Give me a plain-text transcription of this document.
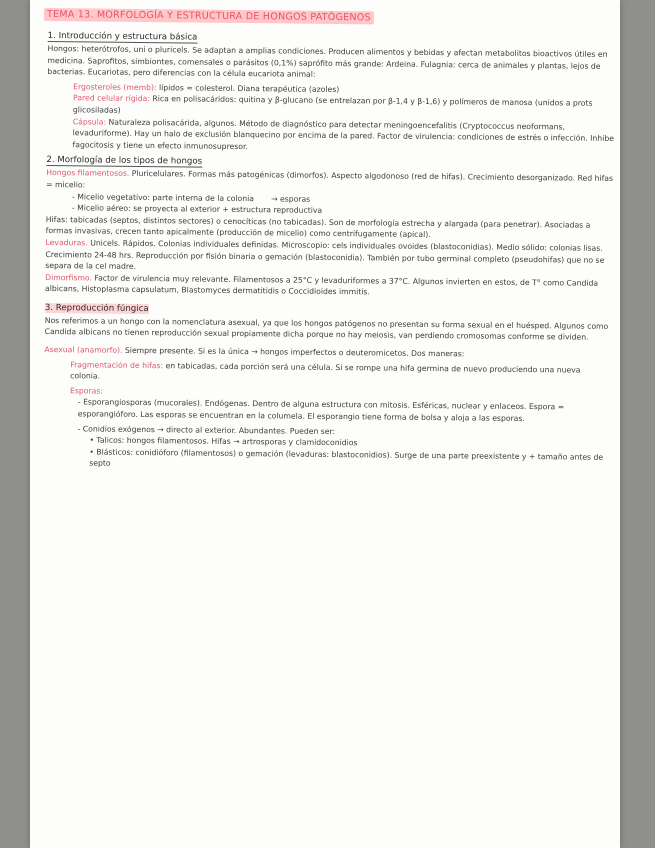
TEMA 13. MORFOLOGÍA Y ESTRUCTURA DE HONGOS PATÓGENOS
1. Introducción y estructura básica

Hongos: heterótrofos, uni o pluricels. Se adaptan a amplias condiciones. Producen alimentos y bebidas y afectan metabolitos bioactivos útiles en medicina. Saprofitos, simbiontes, comensales o parásitos (0,1%) saprófito más grande: Ardeina. Fulagnia: cerca de animales y plantas, lejos de bacterias. Eucariotas, pero diferencias con la célula eucariota animal:

Ergosteroles (memb): lípidos ≈ colesterol. Diana terapéutica (azoles)

Pared celular rígida: Rica en polisacáridos: quitina y β-glucano (se entrelazan por β-1,4 y β-1,6) y polímeros de manosa (unidos a prots glicosiladas)

Cápsula: Naturaleza polisacárida, algunos. Método de diagnóstico para detectar meningoencefalitis (Cryptococcus neoformans, levaduriforme). Hay un halo de exclusión blanquecino por encima de la pared. Factor de virulencia: condiciones de estrés o infección. Inhibe fagocitosis y tiene un efecto inmunosupresor.

2. Morfología de los tipos de hongos

Hongos filamentosos. Pluricelulares. Formas más patogénicas (dimorfos). Aspecto algodonoso (red de hifas). Crecimiento desorganizado. Red hifas = micelio:

- Micelio vegetativo: parte interna de la colonia → esporas

- Micelio aéreo: se proyecta al exterior + estructura reproductiva

Hifas: tabicadas (septos, distintos sectores) o cenocíticas (no tabicadas). Son de morfología estrecha y alargada (para penetrar). Asociadas a formas invasivas, crecen tanto apicalmente (producción de micelio) como centrífugamente (apical).

Levaduras. Unicels. Rápidos. Colonias individuales definidas. Microscopio: cels individuales ovoides (blastoconidias). Medio sólido: colonias lisas. Crecimiento 24-48 hrs. Reproducción por fisión binaria o gemación (blastoconidia). También por tubo germinal completo (pseudohifas) que no se separa de la cel madre.

Dimorfismo. Factor de virulencia muy relevante. Filamentosos a 25°C y levaduriformes a 37°C. Algunos invierten en estos, de T° como Candida albicans, Histoplasma capsulatum, Blastomyces dermatitidis o Coccidioides immitis.

3. Reproducción fúngica

Nos referimos a un hongo con la nomenclatura asexual, ya que los hongos patógenos no presentan su forma sexual en el huésped. Algunos como Candida albicans no tienen reproducción sexual propiamente dicha porque no hay meiosis, van perdiendo cromosomas conforme se dividen.

Asexual (anamorfo). Siempre presente. Si es la única → hongos imperfectos o deuteromicetos. Dos maneras:

Fragmentación de hifas: en tabicadas, cada porción será una célula. Si se rompe una hifa germina de nuevo produciendo una nueva colonia.

Esporas:

- Esporangiosporas (mucorales). Endógenas. Dentro de alguna estructura con mitosis. Esféricas, nuclear y enlaceos. Espora = esporangióforo. Las esporas se encuentran en la columela. El esporangio tiene forma de bolsa y aloja a las esporas.

- Conidios exógenos → directo al exterior. Abundantes. Pueden ser:

• Talicos: hongos filamentosos. Hifas → artrosporas y clamidoconidios

• Blásticos: conidióforo (filamentosos) o gemación (levaduras: blastoconidios). Surge de una parte preexistente y + tamaño antes de septo
